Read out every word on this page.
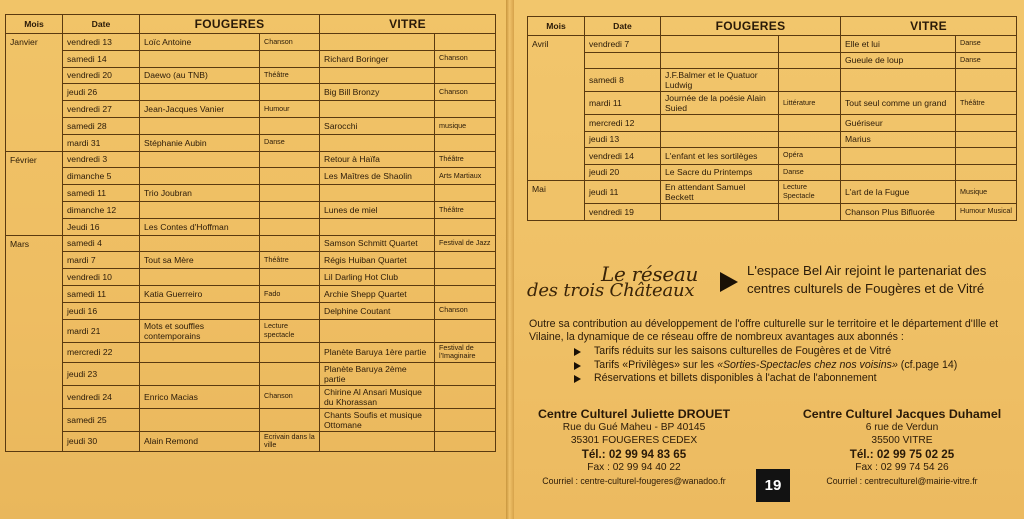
Mois	Date	FOUGERES		VITRE	
Janvier	vendredi 13	Loïc Antoine	Chanson		
	samedi 14			Richard Boringer	Chanson
	vendredi 20	Daewo (au TNB)	Théâtre		
	jeudi 26			Big Bill Bronzy	Chanson
	vendredi 27	Jean-Jacques Vanier	Humour		
	samedi 28			Sarocchi	musique
	mardi 31	Stéphanie Aubin	Danse		
Février	vendredi 3			Retour à Haïfa	Théâtre
	dimanche 5			Les Maîtres de Shaolin	Arts Martiaux
	samedi 11	Trio Joubran			
	dimanche 12			Lunes de miel	Théâtre
	Jeudi 16	Les Contes d'Hoffman			
Mars	samedi 4			Samson Schmitt Quartet	Festival de Jazz
	mardi 7	Tout sa Mère	Théâtre	Régis Huiban Quartet	
	vendredi 10			Lil Darling Hot Club	
	samedi 11	Katia Guerreiro	Fado	Archie Shepp Quartet	
	jeudi 16			Delphine Coutant	Chanson
	mardi 21	Mots et souffles contemporains	Lecture spectacle		
	mercredi 22			Planète Baruya 1ère partie	Festival de l'Imaginaire
	jeudi 23			Planète Baruya 2ème partie	
	vendredi 24	Enrico Macias	Chanson	Chirine Al Ansari Musique du Khorassan	
	samedi 25			Chants Soufis et musique Ottomane	
	jeudi 30	Alain Remond	Ecrivain dans la ville		
Mois	Date	FOUGERES		VITRE	
Avril	vendredi 7			Elle et lui	Danse
				Gueule de loup	Danse
	samedi 8	J.F.Balmer et le Quatuor Ludwig			
	mardi 11	Journée de la poésie Alain Suied	Littérature	Tout seul comme un grand	Théâtre
	mercredi 12			Guériseur	
	jeudi 13			Marius	
	vendredi 14	L'enfant et les sortilèges	Opéra		
	jeudi 20	Le Sacre du Printemps	Danse		
Mai	jeudi 11	En attendant Samuel Beckett	Lecture Spectacle	L'art de la Fugue	Musique
	vendredi 19			Chanson Plus Bifluorée	Humour Musical
Le réseau
des trois Châteaux

L'espace Bel Air rejoint le partenariat des centres culturels de Fougères et de Vitré

Outre sa contribution au développement de l'offre culturelle sur le territoire et le département d'Ille et Vilaine, la dynamique de ce réseau offre de nombreux avantages aux abonnés :

Tarifs réduits sur les saisons culturelles de Fougères et de Vitré
Tarifs «Privilèges» sur les «Sorties-Spectacles chez nos voisins» (cf.page 14)
Réservations et billets disponibles à l'achat de l'abonnement
Centre Culturel Juliette DROUET
Rue du Gué Maheu - BP 40145
35301 FOUGERES CEDEX
Tél.: 02 99 94 83 65
Fax : 02 99 94 40 22
Courriel : centre-culturel-fougeres@wanadoo.fr	19
Centre Culturel Jacques Duhamel
6 rue de Verdun
35500 VITRE
Tél.: 02 99 75 02 25
Fax : 02 99 74 54 26
Courriel : centreculturel@mairie-vitre.fr
